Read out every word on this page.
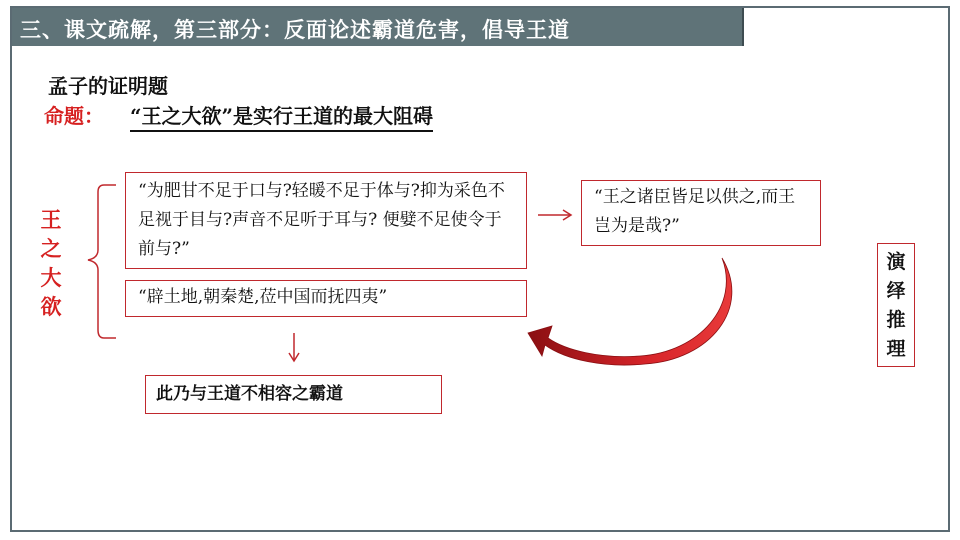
三、课文疏解，第三部分：反面论述霸道危害，倡导王道
孟子的证明题
命题： “王之大欲”是实行王道的最大阻碍
王
之
大
欲	可知矣
“为肥甘不足于口与?轻暖不足于体与?抑为采色不足视于目与?声音不足听于耳与? 便嬖不足使令于前与?”
“辟土地,朝秦楚,莅中国而抚四夷”
“王之诸臣皆足以供之,而王岂为是哉?”
此乃与王道不相容之霸道
演
绎
推
理
